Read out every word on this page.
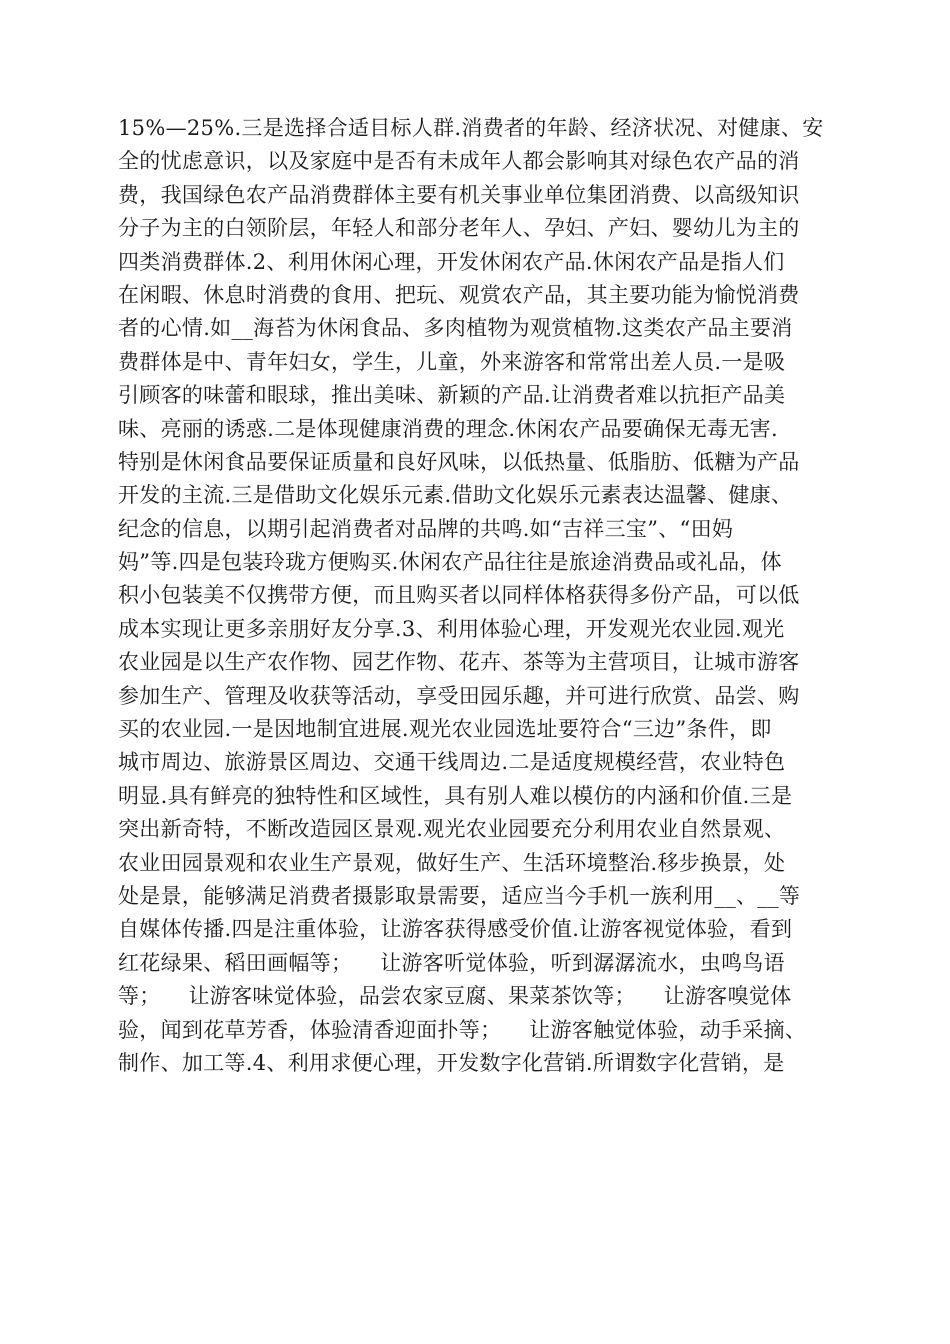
15%—25%.三是选择合适目标人群.消费者的年龄、经济状况、对健康、安
全的忧虑意识，以及家庭中是否有未成年人都会影响其对绿色农产品的消
费，我国绿色农产品消费群体主要有机关事业单位集团消费、以高级知识
分子为主的白领阶层，年轻人和部分老年人、孕妇、产妇、婴幼儿为主的
四类消费群体.2、利用休闲心理，开发休闲农产品.休闲农产品是指人们
在闲暇、休息时消费的食用、把玩、观赏农产品，其主要功能为愉悦消费
者的心情.如__海苔为休闲食品、多肉植物为观赏植物.这类农产品主要消
费群体是中、青年妇女，学生，儿童，外来游客和常常出差人员.一是吸
引顾客的味蕾和眼球，推出美味、新颖的产品.让消费者难以抗拒产品美
味、亮丽的诱惑.二是体现健康消费的理念.休闲农产品要确保无毒无害.
特别是休闲食品要保证质量和良好风味，以低热量、低脂肪、低糖为产品
开发的主流.三是借助文化娱乐元素.借助文化娱乐元素表达温馨、健康、
纪念的信息，以期引起消费者对品牌的共鸣.如“吉祥三宝”、“田妈
妈”等.四是包装玲珑方便购买.休闲农产品往往是旅途消费品或礼品，体
积小包装美不仅携带方便，而且购买者以同样体格获得多份产品，可以低
成本实现让更多亲朋好友分享.3、利用体验心理，开发观光农业园.观光
农业园是以生产农作物、园艺作物、花卉、茶等为主营项目，让城市游客
参加生产、管理及收获等活动，享受田园乐趣，并可进行欣赏、品尝、购
买的农业园.一是因地制宜进展.观光农业园选址要符合“三边”条件，即
城市周边、旅游景区周边、交通干线周边.二是适度规模经营，农业特色
明显.具有鲜亮的独特性和区域性，具有别人难以模仿的内涵和价值.三是
突出新奇特，不断改造园区景观.观光农业园要充分利用农业自然景观、
农业田园景观和农业生产景观，做好生产、生活环境整治.移步换景，处
处是景，能够满足消费者摄影取景需要，适应当今手机一族利用__、__等
自媒体传播.四是注重体验，让游客获得感受价值.让游客视觉体验，看到
红花绿果、稻田画幅等；    让游客听觉体验，听到潺潺流水，虫鸣鸟语
等；    让游客味觉体验，品尝农家豆腐、果菜茶饮等；    让游客嗅觉体
验，闻到花草芳香，体验清香迎面扑等；    让游客触觉体验，动手采摘、
制作、加工等.4、利用求便心理，开发数字化营销.所谓数字化营销，是
